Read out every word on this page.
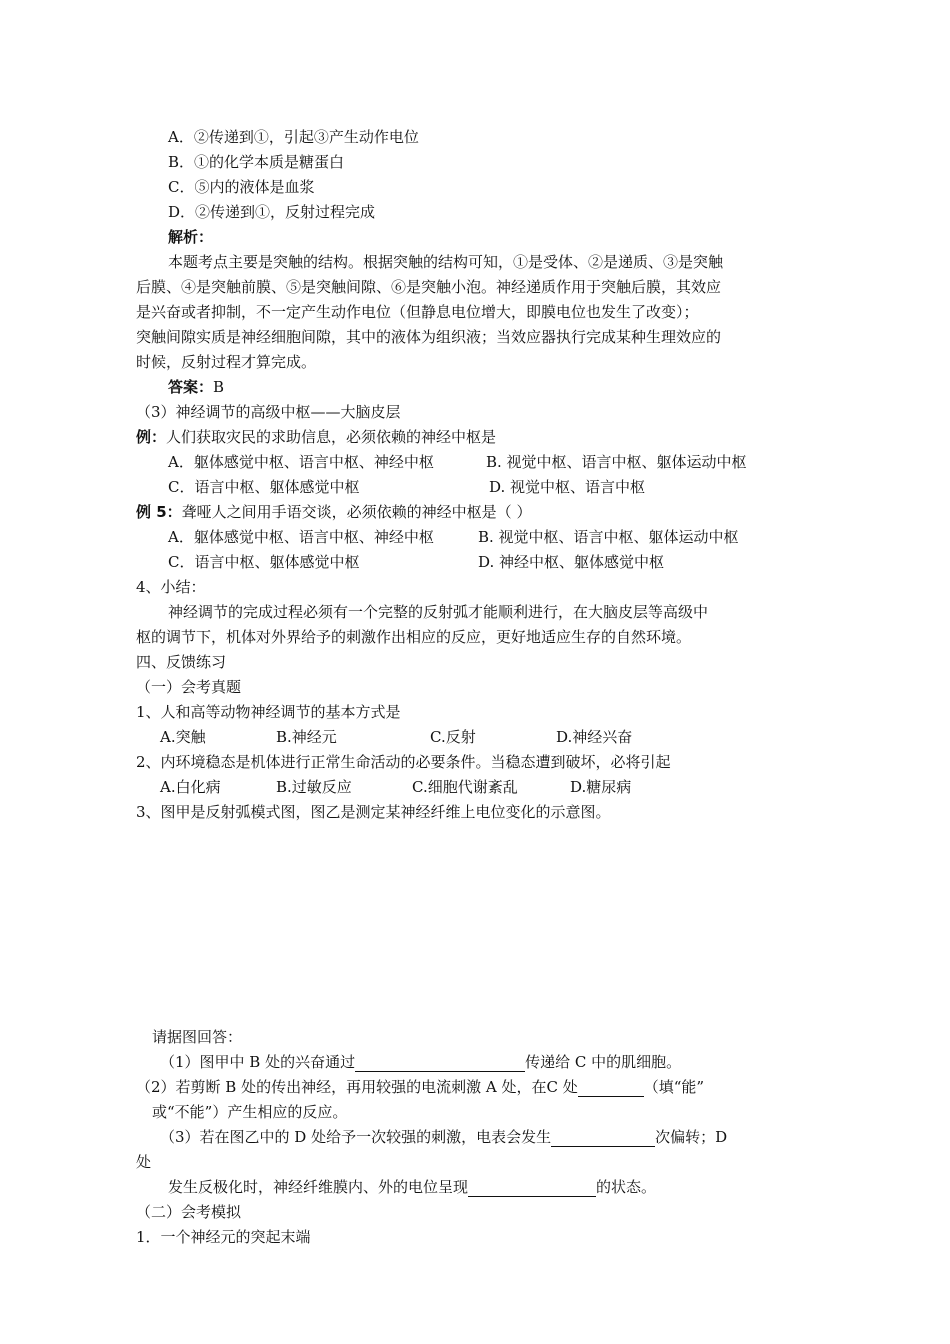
A．②传递到①，引起③产生动作电位
B．①的化学本质是糖蛋白
C．⑤内的液体是血浆
D．②传递到①，反射过程完成
解析：
本题考点主要是突触的结构。根据突触的结构可知，①是受体、②是递质、③是突触
后膜、④是突触前膜、⑤是突触间隙、⑥是突触小泡。神经递质作用于突触后膜，其效应
是兴奋或者抑制，不一定产生动作电位（但静息电位增大，即膜电位也发生了改变）；
突触间隙实质是神经细胞间隙，其中的液体为组织液；当效应器执行完成某种生理效应的
时候，反射过程才算完成。
答案：B
（3）神经调节的高级中枢——大脑皮层
例：人们获取灾民的求助信息，必须依赖的神经中枢是
A．躯体感觉中枢、语言中枢、神经中枢	B. 视觉中枢、语言中枢、躯体运动中枢
C．语言中枢、躯体感觉中枢	D. 视觉中枢、语言中枢
例 5：聋哑人之间用手语交谈，必须依赖的神经中枢是（ ）
A．躯体感觉中枢、语言中枢、神经中枢	B. 视觉中枢、语言中枢、躯体运动中枢
C．语言中枢、躯体感觉中枢	D. 神经中枢、躯体感觉中枢
4、小结：
神经调节的完成过程必须有一个完整的反射弧才能顺利进行，在大脑皮层等高级中
枢的调节下，机体对外界给予的刺激作出相应的反应，更好地适应生存的自然环境。
四、反馈练习
（一）会考真题
1、人和高等动物神经调节的基本方式是
A.突触	B.神经元	C.反射	D.神经兴奋
2、内环境稳态是机体进行正常生命活动的必要条件。当稳态遭到破坏，必将引起
A.白化病	B.过敏反应	C.细胞代谢紊乱	D.糖尿病
3、图甲是反射弧模式图，图乙是测定某神经纤维上电位变化的示意图。
请据图回答：
（1）图甲中 B 处的兴奋通过	传递给 C 中的肌细胞。
（2）若剪断 B 处的传出神经，再用较强的电流刺激 A 处，在C 处	（填“能”
或“不能”）产生相应的反应。
（3）若在图乙中的 D 处给予一次较强的刺激，电表会发生	次偏转；D
处
发生反极化时，神经纤维膜内、外的电位呈现	的状态。
（二）会考模拟
1．一个神经元的突起末端
